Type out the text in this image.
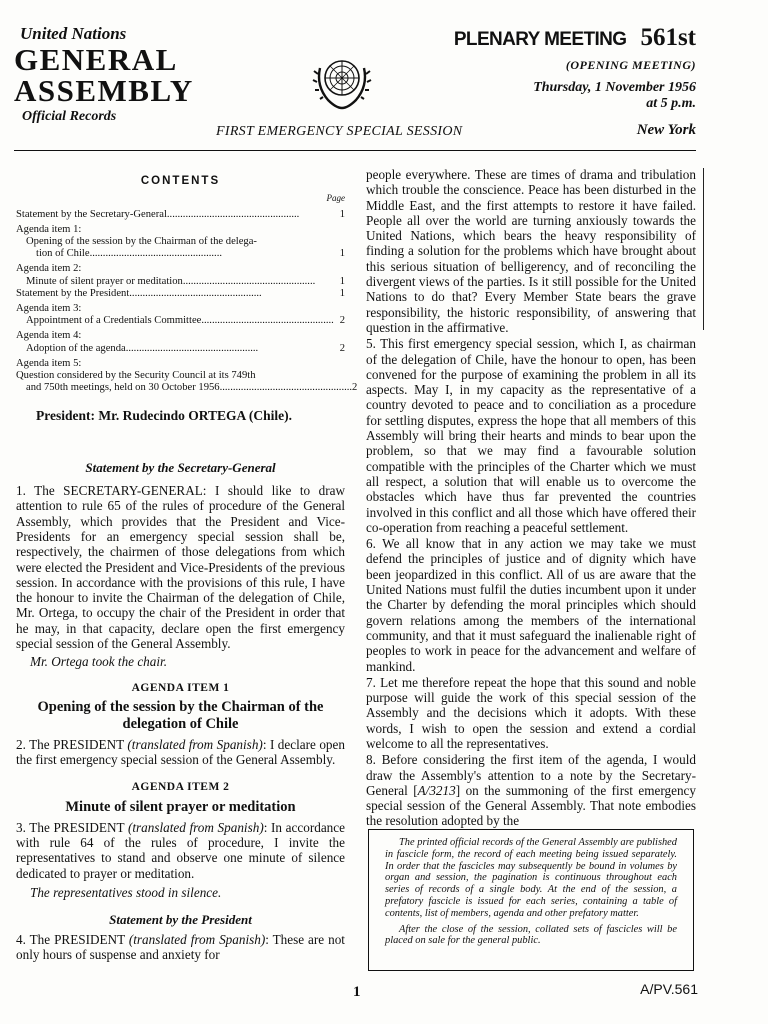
United Nations
GENERAL ASSEMBLY
Official Records
PLENARY MEETING 561st
(OPENING MEETING)
Thursday, 1 November 1956
at 5 p.m.
FIRST EMERGENCY SPECIAL SESSION	New York
CONTENTS
Page
Statement by the Secretary-General..................................................	1
Agenda item 1:
Opening of the session by the Chairman of the delega-
tion of Chile..................................................	1
Agenda item 2:
Minute of silent prayer or meditation..................................................	1
Statement by the President..................................................	1
Agenda item 3:
Appointment of a Credentials Committee.................................................. 2
Agenda item 4:
Adoption of the agenda..................................................	2
Agenda item 5:
Question considered by the Security Council at its 749th
and 750th meetings, held on 30 October 1956.................................................. 2
President: Mr. Rudecindo ORTEGA (Chile).
Statement by the Secretary-General

1. The SECRETARY-GENERAL: I should like to draw attention to rule 65 of the rules of procedure of the General Assembly, which provides that the President and Vice-Presidents for an emergency special session shall be, respectively, the chairmen of those delegations from which were elected the President and Vice-Presidents of the previous session. In accordance with the provisions of this rule, I have the honour to invite the Chairman of the delegation of Chile, Mr. Ortega, to occupy the chair of the President in order that he may, in that capacity, declare open the first emergency special session of the General Assembly.

Mr. Ortega took the chair.

AGENDA ITEM 1
Opening of the session by the Chairman of the delegation of Chile

2. The PRESIDENT (translated from Spanish): I declare open the first emergency special session of the General Assembly.

AGENDA ITEM 2
Minute of silent prayer or meditation

3. The PRESIDENT (translated from Spanish): In accordance with rule 64 of the rules of procedure, I invite the representatives to stand and observe one minute of silence dedicated to prayer or meditation.

The representatives stood in silence.

Statement by the President

4. The PRESIDENT (translated from Spanish): These are not only hours of suspense and anxiety for

people everywhere. These are times of drama and tribulation which trouble the conscience. Peace has been disturbed in the Middle East, and the first attempts to restore it have failed. People all over the world are turning anxiously towards the United Nations, which bears the heavy responsibility of finding a solution for the problems which have brought about this serious situation of belligerency, and of reconciling the divergent views of the parties. Is it still possible for the United Nations to do that? Every Member State bears the grave responsibility, the historic responsibility, of answering that question in the affirmative.

5. This first emergency special session, which I, as chairman of the delegation of Chile, have the honour to open, has been convened for the purpose of examining the problem in all its aspects. May I, in my capacity as the representative of a country devoted to peace and to conciliation as a procedure for settling disputes, express the hope that all members of this Assembly will bring their hearts and minds to bear upon the problem, so that we may find a favourable solution compatible with the principles of the Charter which we must all respect, a solution that will enable us to overcome the obstacles which have thus far prevented the countries involved in this conflict and all those which have offered their co-operation from reaching a peaceful settlement.

6. We all know that in any action we may take we must defend the principles of justice and of dignity which have been jeopardized in this conflict. All of us are aware that the United Nations must fulfil the duties incumbent upon it under the Charter by defending the moral principles which should govern relations among the members of the international community, and that it must safeguard the inalienable right of peoples to work in peace for the advancement and welfare of mankind.

7. Let me therefore repeat the hope that this sound and noble purpose will guide the work of this special session of the Assembly and the decisions which it adopts. With these words, I wish to open the session and extend a cordial welcome to all the representatives.

8. Before considering the first item of the agenda, I would draw the Assembly's attention to a note by the Secretary-General [A/3213] on the summoning of the first emergency special session of the General Assembly. That note embodies the resolution adopted by the

The printed official records of the General Assembly are published in fascicle form, the record of each meeting being issued separately. In order that the fascicles may subsequently be bound in volumes by organ and session, the pagination is continuous throughout each series of records of a single body. At the end of the session, a prefatory fascicle is issued for each series, containing a table of contents, list of members, agenda and other prefatory matter.

After the close of the session, collated sets of fascicles will be placed on sale for the general public.

1	A/PV.561
